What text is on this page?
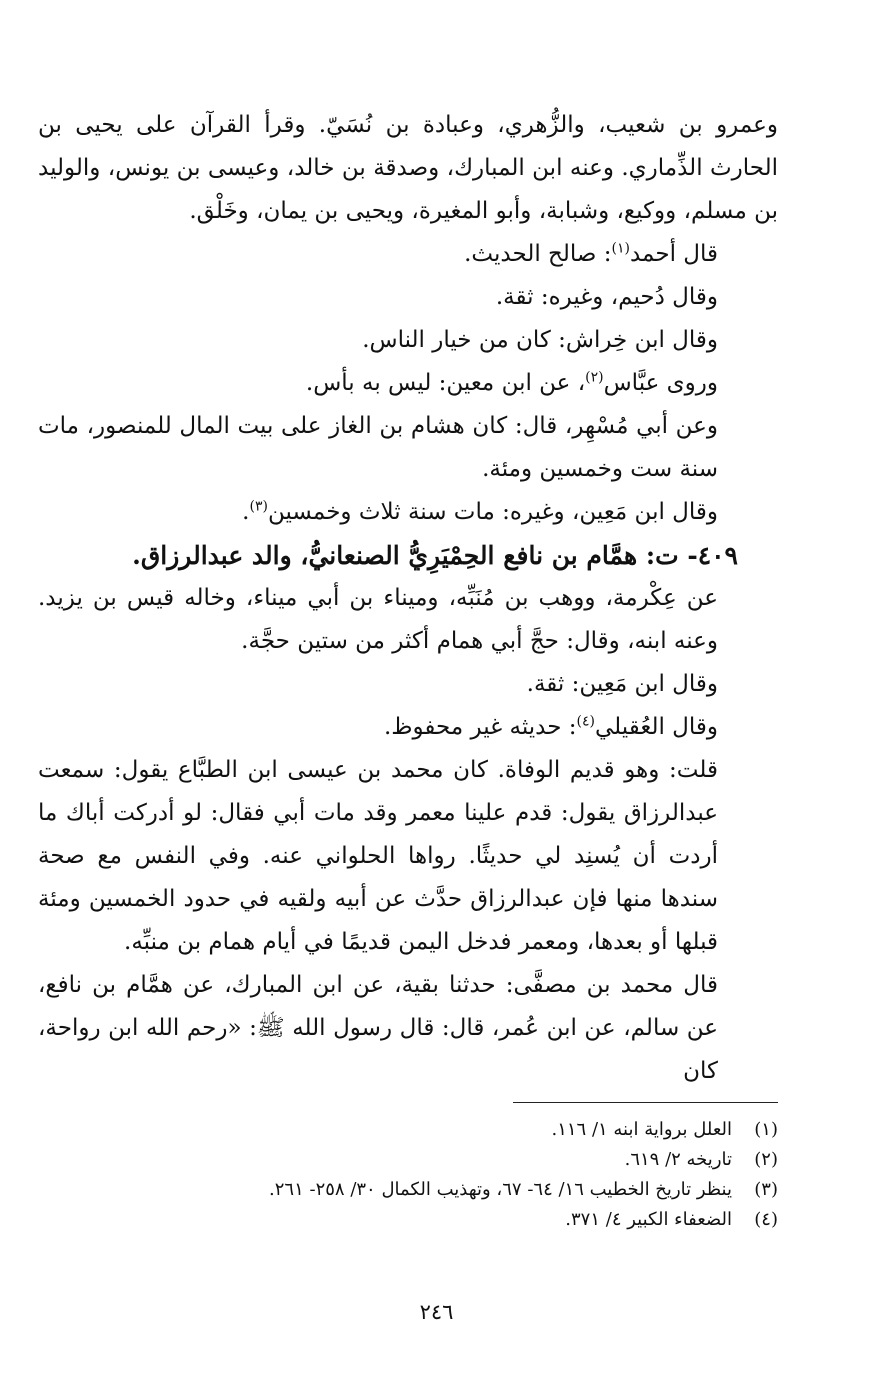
وعمرو بن شعيب، والزُّهري، وعبادة بن نُسَيّ. وقرأ القرآن على يحيى بن الحارث الذِّماري. وعنه ابن المبارك، وصدقة بن خالد، وعيسى بن يونس، والوليد بن مسلم، ووكيع، وشبابة، وأبو المغيرة، ويحيى بن يمان، وخَلْق.

قال أحمد$^{(١)}$: صالح الحديث.

وقال دُحيم، وغيره: ثقة.

وقال ابن خِراش: كان من خيار الناس.

وروى عبَّاس$^{(٢)}$، عن ابن معين: ليس به بأس.

وعن أبي مُسْهِر، قال: كان هشام بن الغاز على بيت المال للمنصور، مات سنة ست وخمسين ومئة.

وقال ابن مَعِين، وغيره: مات سنة ثلاث وخمسين$^{(٣)}$.

٤٠٩- ت: همَّام بن نافع الحِمْيَرِيُّ الصنعانيُّ، والد عبدالرزاق.

عن عِكْرمة، ووهب بن مُنَبِّه، وميناء بن أبي ميناء، وخاله قيس بن يزيد. وعنه ابنه، وقال: حجَّ أبي همام أكثر من ستين حجَّة.

وقال ابن مَعِين: ثقة.

وقال العُقيلي$^{(٤)}$: حديثه غير محفوظ.

قلت: وهو قديم الوفاة. كان محمد بن عيسى ابن الطبَّاع يقول: سمعت عبدالرزاق يقول: قدم علينا معمر وقد مات أبي فقال: لو أدركت أباك ما أردت أن يُسنِد لي حديثًا. رواها الحلواني عنه. وفي النفس مع صحة سندها منها فإن عبدالرزاق حدَّث عن أبيه ولقيه في حدود الخمسين ومئة قبلها أو بعدها، ومعمر فدخل اليمن قديمًا في أيام همام بن منبِّه.

قال محمد بن مصفَّى: حدثنا بقية، عن ابن المبارك، عن همَّام بن نافع، عن سالم، عن ابن عُمر، قال: قال رسول الله ﷺ: «رحم الله ابن رواحة، كان

(١)
العلل برواية ابنه ١/ ١١٦.
(٢)
تاريخه ٢/ ٦١٩.
(٣)
ينظر تاريخ الخطيب ١٦/ ٦٤- ٦٧، وتهذيب الكمال ٣٠/ ٢٥٨- ٢٦١.
(٤)
الضعفاء الكبير ٤/ ٣٧١.
٢٤٦
